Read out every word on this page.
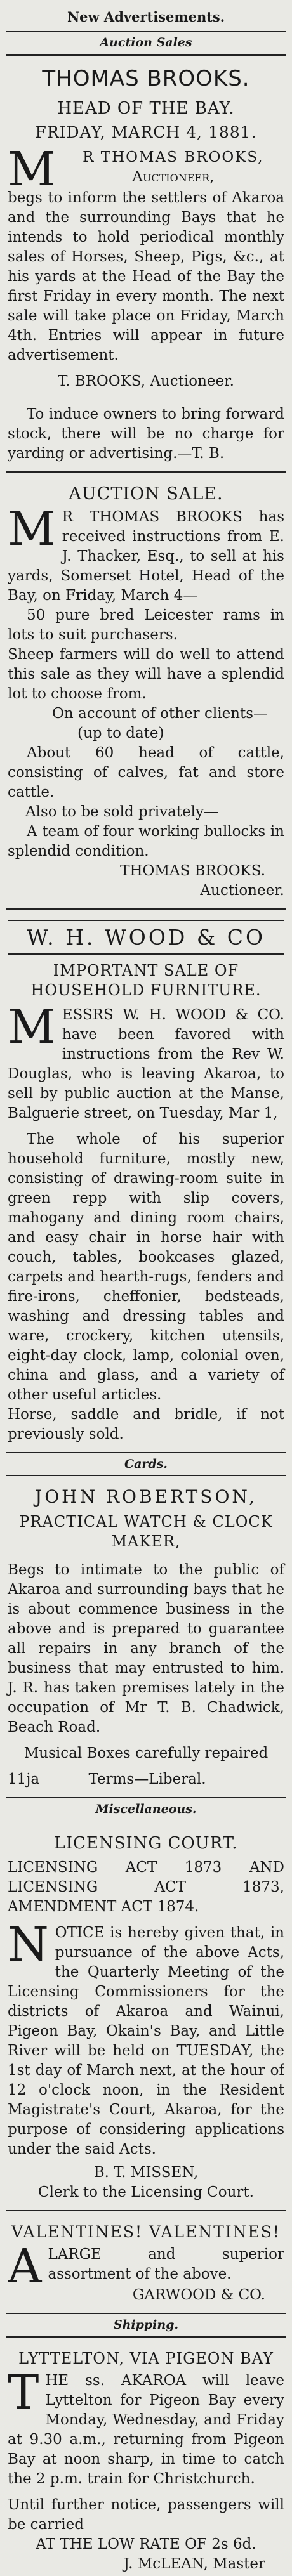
New Advertisements.
Auction Sales
THOMAS BROOKS.
HEAD OF THE BAY.
FRIDAY, MARCH 4, 1881.
M	R THOMAS BROOKS,

Auctioneer,

begs to inform the settlers of Akaroa and the surrounding Bays that he intends to hold periodical monthly sales of Horses, Sheep, Pigs, &c., at his yards at the Head of the Bay the first Friday in every month. The next sale will take place on Friday, March 4th. Entries will appear in future advertisement.

T. BROOKS, Auctioneer.

To induce owners to bring forward stock, there will be no charge for yarding or advertising.—T. B.

AUCTION SALE.
M R THOMAS BROOKS has received instructions from E. J. Thacker, Esq., to sell at his yards, Somerset Hotel, Head of the Bay, on Friday, March 4—

50 pure bred Leicester rams in lots to suit purchasers.

Sheep farmers will do well to attend this sale as they will have a splendid lot to choose from.

On account of other clients—

(up to date)

About 60 head of cattle, consisting of calves, fat and store cattle.

Also to be sold privately—

A team of four working bullocks in splendid condition.

THOMAS BROOKS.

Auctioneer.

W. H. WOOD & CO
IMPORTANT SALE OF HOUSEHOLD FURNITURE.
M ESSRS W. H. WOOD & CO. have been favored with instructions from the Rev W. Douglas, who is leaving Akaroa, to sell by public auction at the Manse, Balguerie street, on Tuesday, Mar 1,

The whole of his superior household furniture, mostly new, consisting of drawing-room suite in green repp with slip covers, mahogany and dining room chairs, and easy chair in horse hair with couch, tables, bookcases glazed, carpets and hearth-rugs, fenders and fire-irons, cheffonier, bedsteads, washing and dressing tables and ware, crockery, kitchen utensils, eight-day clock, lamp, colonial oven, china and glass, and a variety of other useful articles.

Horse, saddle and bridle, if not previously sold.

Cards.
JOHN ROBERTSON,
PRACTICAL WATCH & CLOCK MAKER,

Begs to intimate to the public of Akaroa and surrounding bays that he is about commence business in the above and is prepared to guarantee all repairs in any branch of the business that may entrusted to him. J. R. has taken premises lately in the occupation of Mr T. B. Chadwick, Beach Road.

Musical Boxes carefully repaired

11ja	Terms—Liberal.

Miscellaneous.
LICENSING COURT.

LICENSING ACT 1873 AND LICENSING ACT 1873, AMENDMENT ACT 1874.

N OTICE is hereby given that, in pursuance of the above Acts, the Quarterly Meeting of the Licensing Commissioners for the districts of Akaroa and Wainui, Pigeon Bay, Okain's Bay, and Little River will be held on TUESDAY, the 1st day of March next, at the hour of 12 o'clock noon, in the Resident Magistrate's Court, Akaroa, for the purpose of considering applications under the said Acts.

B. T. MISSEN,

Clerk to the Licensing Court.

VALENTINES! VALENTINES!
A LARGE and superior assortment of the above.

GARWOOD & CO.

Shipping.
LYTTELTON, VIA PIGEON BAY
T HE ss. AKAROA will leave Lyttelton for Pigeon Bay every Monday, Wednesday, and Friday at 9.30 a.m., returning from Pigeon Bay at noon sharp, in time to catch the 2 p.m. train for Christchurch.

Until further notice, passengers will be carried

AT THE LOW RATE OF 2s 6d.

J. McLEAN, Master
